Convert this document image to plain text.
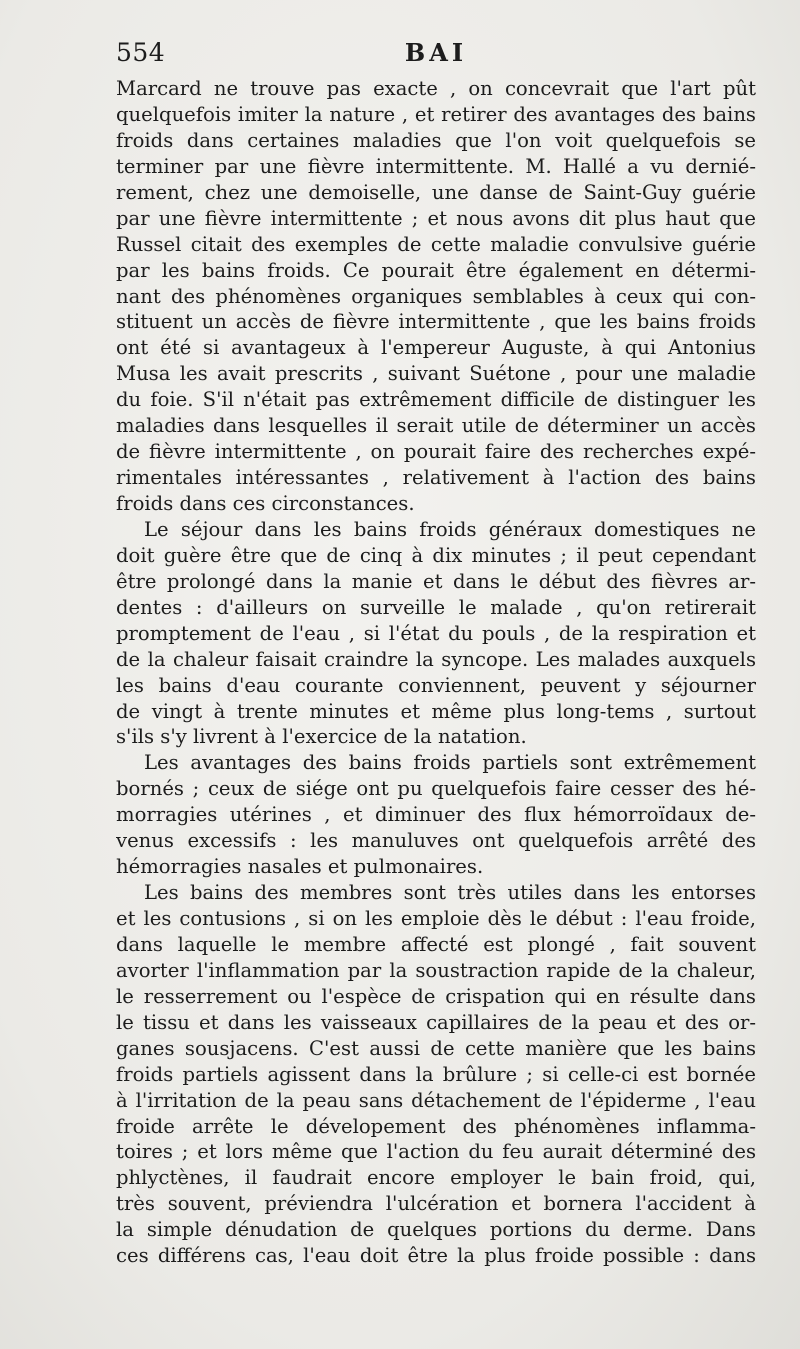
554	BAI
Marcard ne trouve pas exacte , on concevrait que l'art pût
quelquefois imiter la nature , et retirer des avantages des bains
froids dans certaines maladies que l'on voit quelquefois se
terminer par une fièvre intermittente. M. Hallé a vu dernié-
rement, chez une demoiselle, une danse de Saint-Guy guérie
par une fièvre intermittente ; et nous avons dit plus haut que
Russel citait des exemples de cette maladie convulsive guérie
par les bains froids. Ce pourait être également en détermi-
nant des phénomènes organiques semblables à ceux qui con-
stituent un accès de fièvre intermittente , que les bains froids
ont été si avantageux à l'empereur Auguste, à qui Antonius
Musa les avait prescrits , suivant Suétone , pour une maladie
du foie. S'il n'était pas extrêmement difficile de distinguer les
maladies dans lesquelles il serait utile de déterminer un accès
de fièvre intermittente , on pourait faire des recherches expé-
rimentales intéressantes , relativement à l'action des bains
froids dans ces circonstances.
Le séjour dans les bains froids généraux domestiques ne
doit guère être que de cinq à dix minutes ; il peut cependant
être prolongé dans la manie et dans le début des fièvres ar-
dentes : d'ailleurs on surveille le malade , qu'on retirerait
promptement de l'eau , si l'état du pouls , de la respiration et
de la chaleur faisait craindre la syncope. Les malades auxquels
les bains d'eau courante conviennent, peuvent y séjourner
de vingt à trente minutes et même plus long-tems , surtout
s'ils s'y livrent à l'exercice de la natation.
Les avantages des bains froids partiels sont extrêmement
bornés ; ceux de siége ont pu quelquefois faire cesser des hé-
morragies utérines , et diminuer des flux hémorroïdaux de-
venus excessifs : les manuluves ont quelquefois arrêté des
hémorragies nasales et pulmonaires.
Les bains des membres sont très utiles dans les entorses
et les contusions , si on les emploie dès le début : l'eau froide,
dans laquelle le membre affecté est plongé , fait souvent
avorter l'inflammation par la soustraction rapide de la chaleur,
le resserrement ou l'espèce de crispation qui en résulte dans
le tissu et dans les vaisseaux capillaires de la peau et des or-
ganes sousjacens. C'est aussi de cette manière que les bains
froids partiels agissent dans la brûlure ; si celle-ci est bornée
à l'irritation de la peau sans détachement de l'épiderme , l'eau
froide arrête le dévelopement des phénomènes inflamma-
toires ; et lors même que l'action du feu aurait déterminé des
phlyctènes, il faudrait encore employer le bain froid, qui,
très souvent, préviendra l'ulcération et bornera l'accident à
la simple dénudation de quelques portions du derme. Dans
ces différens cas, l'eau doit être la plus froide possible : dans
